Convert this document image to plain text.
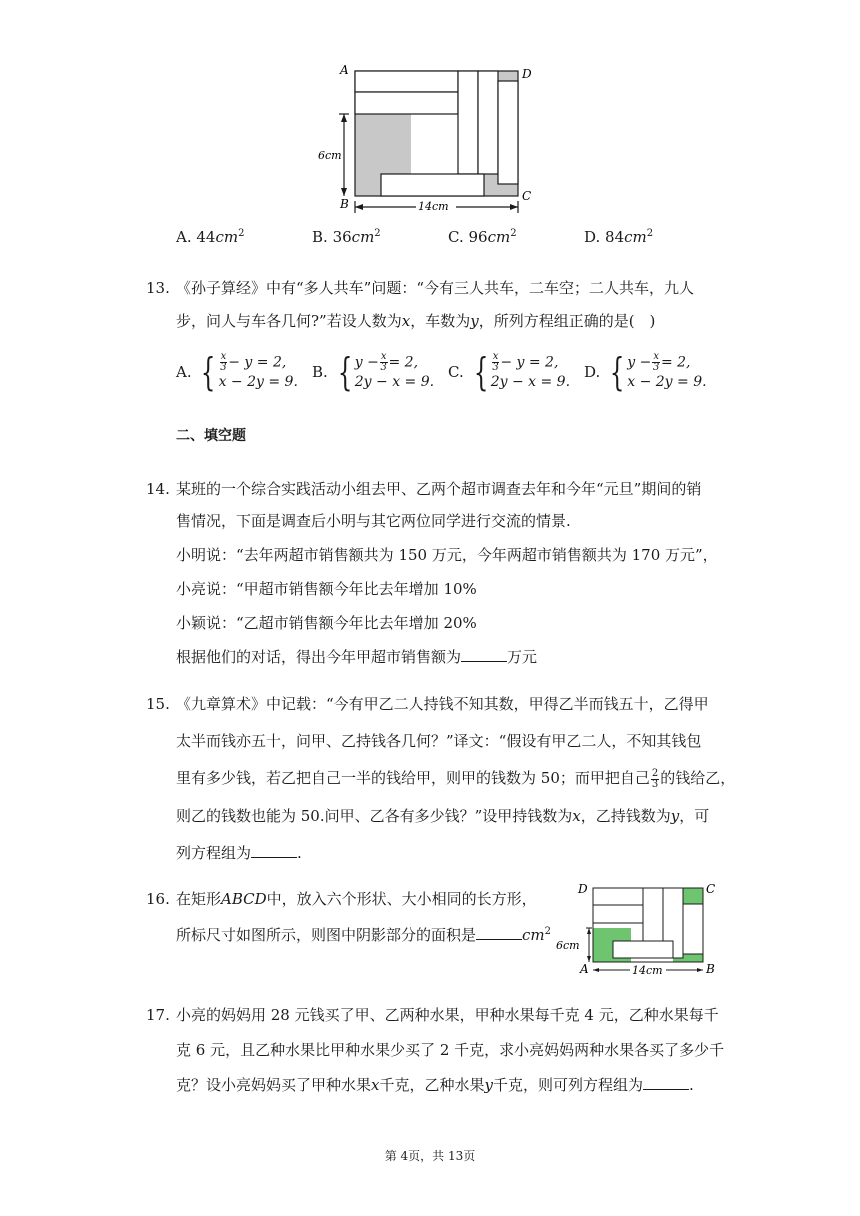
A	D
B
C
6cm
14cm
A. $44cm^2$	B. $36cm^2$	C. $96cm^2$	D. $84cm^2$
13. 《孙子算经》中有“多人共车”问题：“今有三人共车，二车空；二人共车，九人
步，问人与车各几何?”若设人数为x，车数为y，所列方程组正确的是(　)
A. { $\frac{x}{3} - y = 2$,
x − 2y = 9.
B. { $y - \frac{x}{3} = 2$,
2y − x = 9.
C. { $\frac{x}{3} - y = 2$,
2y − x = 9.
D. { $y - \frac{x}{3} = 2$,
x − 2y = 9.
二、填空题
14. 某班的一个综合实践活动小组去甲、乙两个超市调查去年和今年“元旦”期间的销
售情况，下面是调查后小明与其它两位同学进行交流的情景.
小明说：“去年两超市销售额共为 150 万元，今年两超市销售额共为 170 万元”，
小亮说：“甲超市销售额今年比去年增加 10%
小颖说：“乙超市销售额今年比去年增加 20%
根据他们的对话，得出今年甲超市销售额为	万元
15. 《九章算术》中记载：“今有甲乙二人持钱不知其数，甲得乙半而钱五十，乙得甲
太半而钱亦五十，问甲、乙持钱各几何？”译文：“假设有甲乙二人，不知其钱包
里有多少钱，若乙把自己一半的钱给甲，则甲的钱数为 50；而甲把自己 $\frac{2}{3}$ 的钱给乙，
则乙的钱数也能为 50.问甲、乙各有多少钱？”设甲持钱数为x，乙持钱数为y，可
列方程组为	.
16. 在矩形ABCD中，放入六个形状、大小相同的长方形，
所标尺寸如图所示，则图中阴影部分的面积是	$cm^2$
D	C
A	B
6cm
14cm
17. 小亮的妈妈用 28 元钱买了甲、乙两种水果，甲种水果每千克 4 元，乙种水果每千
克 6 元，且乙种水果比甲种水果少买了 2 千克，求小亮妈妈两种水果各买了多少千
克？设小亮妈妈买了甲种水果x千克，乙种水果y千克，则可列方程组为	.
第 4页，共 13页
